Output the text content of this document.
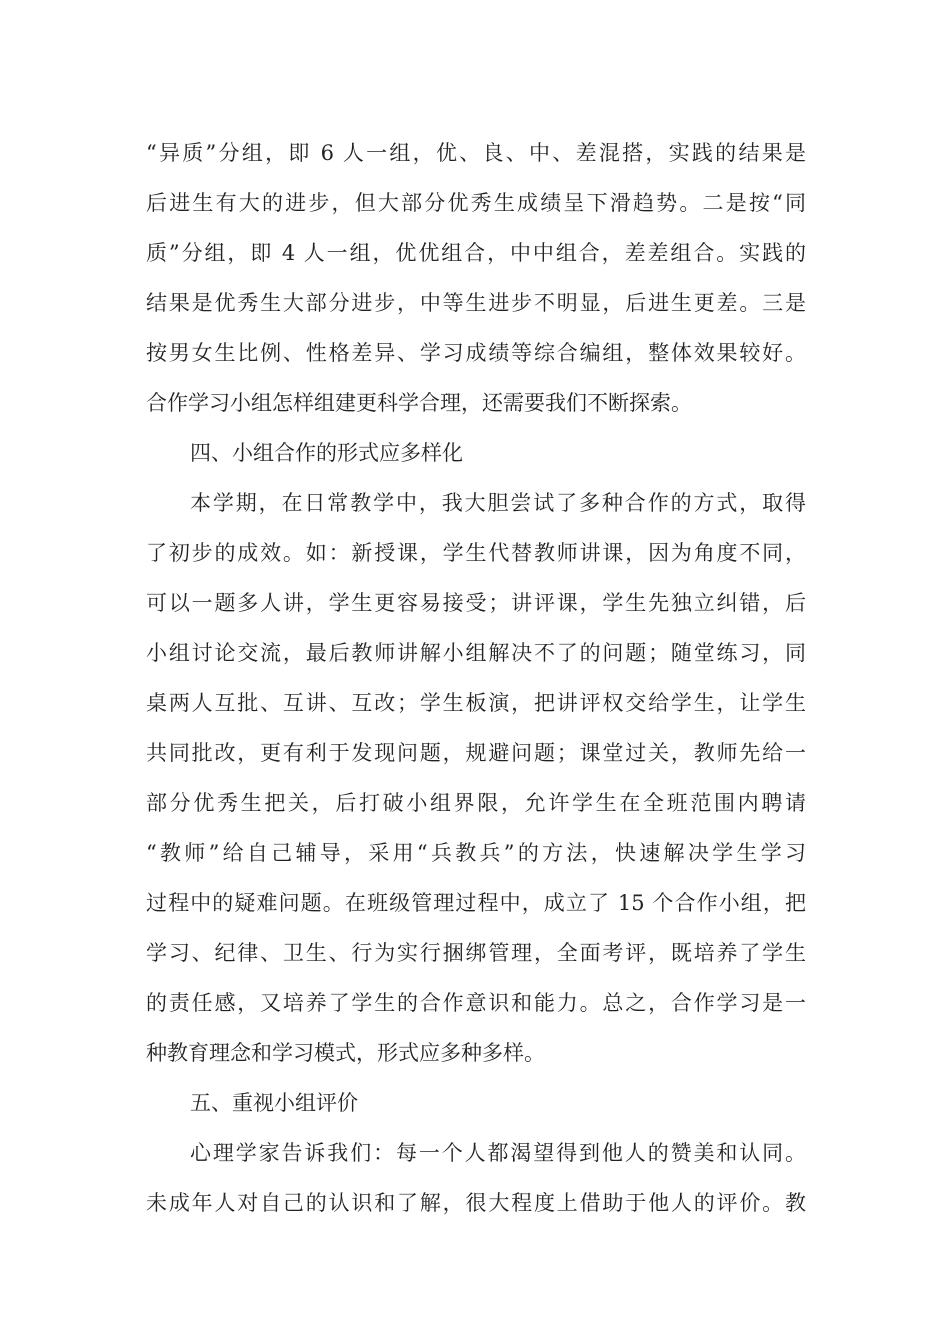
“异质”分组，即 6 人一组，优、良、中、差混搭，实践的结果是
后进生有大的进步，但大部分优秀生成绩呈下滑趋势。二是按“同
质”分组，即 4 人一组，优优组合，中中组合，差差组合。实践的
结果是优秀生大部分进步，中等生进步不明显，后进生更差。三是
按男女生比例、性格差异、学习成绩等综合编组，整体效果较好。
合作学习小组怎样组建更科学合理，还需要我们不断探索。
四、小组合作的形式应多样化
本学期，在日常教学中，我大胆尝试了多种合作的方式，取得
了初步的成效。如：新授课，学生代替教师讲课，因为角度不同，
可以一题多人讲，学生更容易接受；讲评课，学生先独立纠错，后
小组讨论交流，最后教师讲解小组解决不了的问题；随堂练习，同
桌两人互批、互讲、互改；学生板演，把讲评权交给学生，让学生
共同批改，更有利于发现问题，规避问题；课堂过关，教师先给一
部分优秀生把关，后打破小组界限，允许学生在全班范围内聘请
“教师”给自己辅导，采用“兵教兵”的方法，快速解决学生学习
过程中的疑难问题。在班级管理过程中，成立了 15 个合作小组，把
学习、纪律、卫生、行为实行捆绑管理，全面考评，既培养了学生
的责任感，又培养了学生的合作意识和能力。总之，合作学习是一
种教育理念和学习模式，形式应多种多样。
五、重视小组评价
心理学家告诉我们：每一个人都渴望得到他人的赞美和认同。
未成年人对自己的认识和了解，很大程度上借助于他人的评价。教
